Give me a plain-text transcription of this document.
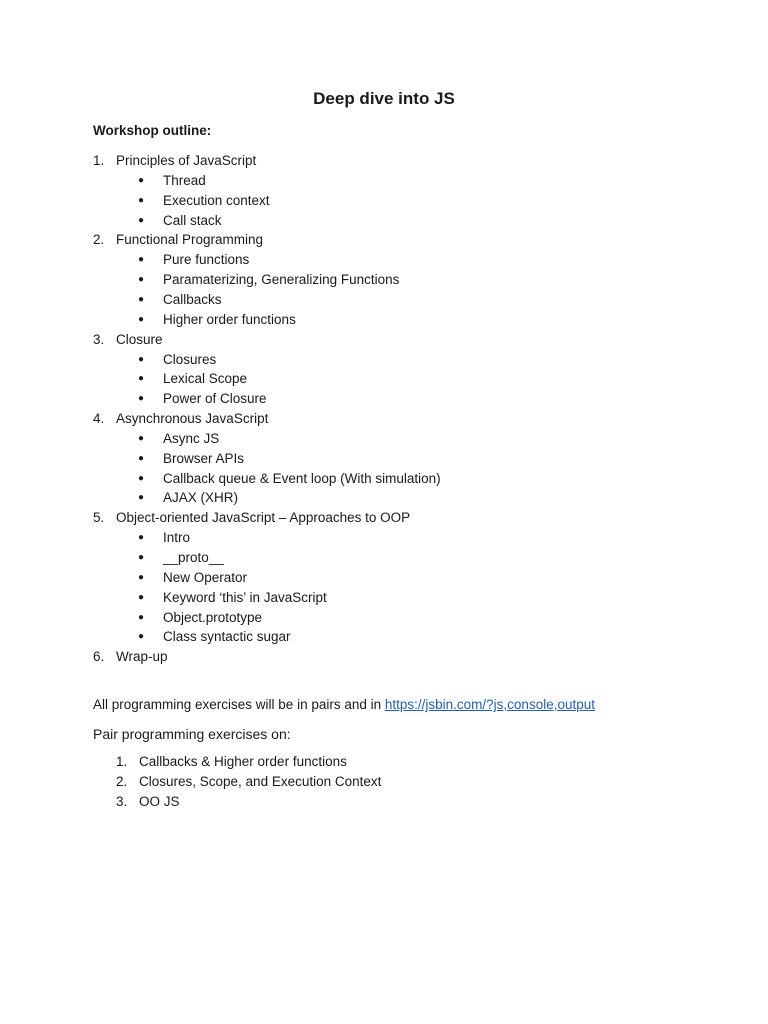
Deep dive into JS
Workshop outline:
1. Principles of JavaScript
● Thread
● Execution context
● Call stack
2. Functional Programming
● Pure functions
● Paramaterizing, Generalizing Functions
● Callbacks
● Higher order functions
3. Closure
● Closures
● Lexical Scope
● Power of Closure
4. Asynchronous JavaScript
● Async JS
● Browser APIs
● Callback queue & Event loop (With simulation)
● AJAX (XHR)
5. Object-oriented JavaScript – Approaches to OOP
● Intro
● __proto__
● New Operator
● Keyword ‘this’ in JavaScript
● Object.prototype
● Class syntactic sugar
6. Wrap-up
All programming exercises will be in pairs and in https://jsbin.com/?js,console,output
Pair programming exercises on:
1. Callbacks & Higher order functions
2. Closures, Scope, and Execution Context
3. OO JS
